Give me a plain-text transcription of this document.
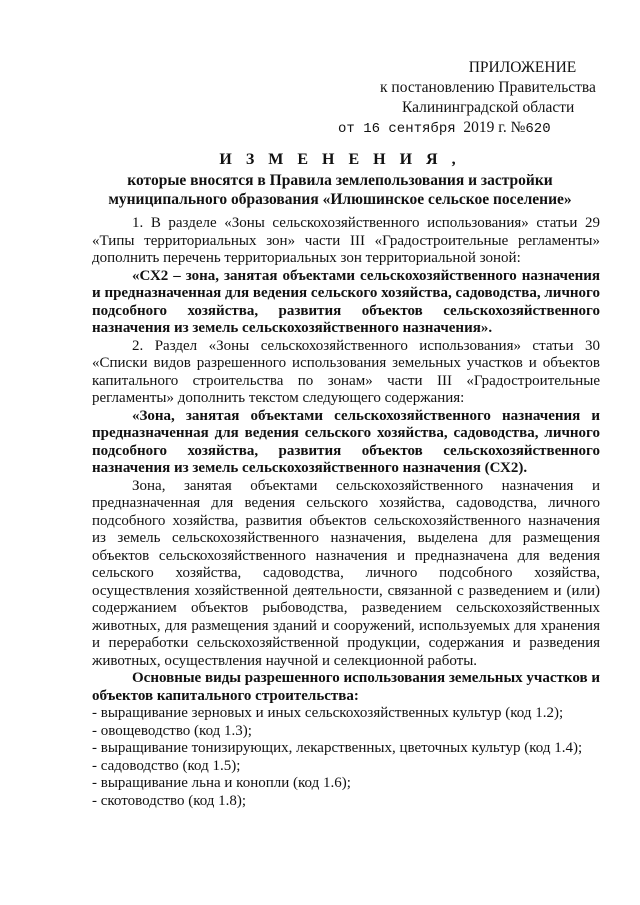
ПРИЛОЖЕНИЕ
к постановлению Правительства
Калининградской области
от 16 сентября 2019 г. №620
И З М Е Н Е Н И Я ,
которые вносятся в Правила землепользования и застройки
муниципального образования «Илюшинское сельское поселение»

1. В разделе «Зоны сельскохозяйственного использования» статьи 29 «Типы территориальных зон» части III «Градостроительные регламенты» дополнить перечень территориальных зон территориальной зоной:

«СХ2 – зона, занятая объектами сельскохозяйственного назначения и предназначенная для ведения сельского хозяйства, садоводства, личного подсобного хозяйства, развития объектов сельскохозяйственного назначения из земель сельскохозяйственного назначения».

2. Раздел «Зоны сельскохозяйственного использования» статьи 30 «Списки видов разрешенного использования земельных участков и объектов капитального строительства по зонам» части III «Градостроительные регламенты» дополнить текстом следующего содержания:

«Зона, занятая объектами сельскохозяйственного назначения и предназначенная для ведения сельского хозяйства, садоводства, личного подсобного хозяйства, развития объектов сельскохозяйственного назначения из земель сельскохозяйственного назначения (СХ2).

Зона, занятая объектами сельскохозяйственного назначения и предназначенная для ведения сельского хозяйства, садоводства, личного подсобного хозяйства, развития объектов сельскохозяйственного назначения из земель сельскохозяйственного назначения, выделена для размещения объектов сельскохозяйственного назначения и предназначена для ведения сельского хозяйства, садоводства, личного подсобного хозяйства, осуществления хозяйственной деятельности, связанной с разведением и (или) содержанием объектов рыбоводства, разведением сельскохозяйственных животных, для размещения зданий и сооружений, используемых для хранения и переработки сельскохозяйственной продукции, содержания и разведения животных, осуществления научной и селекционной работы.

Основные виды разрешенного использования земельных участков и объектов капитального строительства:

- выращивание зерновых и иных сельскохозяйственных культур (код 1.2);

- овощеводство (код 1.3);

- выращивание тонизирующих, лекарственных, цветочных культур (код 1.4);

- садоводство (код 1.5);

- выращивание льна и конопли (код 1.6);

- скотоводство (код 1.8);
